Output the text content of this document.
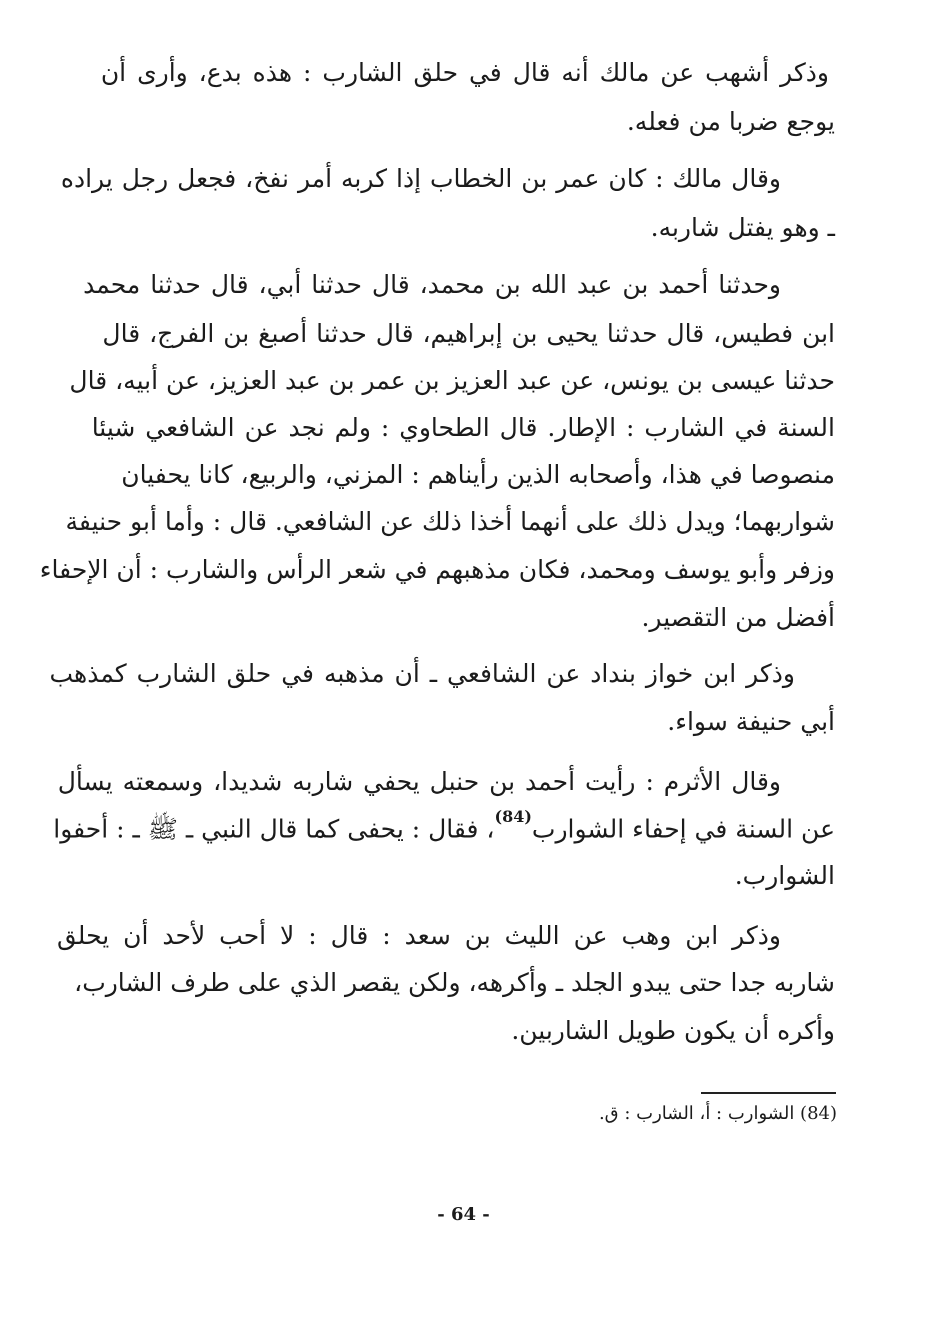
وذكر أشهب عن مالك أنه قال في حلق الشارب : هذه بدع، وأرى أن
يوجع ضربا من فعله.
وقال مالك : كان عمر بن الخطاب إذا كربه أمر نفخ، فجعل رجل يراده
ـ وهو يفتل شاربه.
وحدثنا أحمد بن عبد الله بن محمد، قال حدثنا أبي، قال حدثنا محمد
ابن فطيس، قال حدثنا يحيى بن إبراهيم، قال حدثنا أصبغ بن الفرج، قال
حدثنا عيسى بن يونس، عن عبد العزيز بن عمر بن عبد العزيز، عن أبيه، قال
السنة في الشارب : الإطار. قال الطحاوي : ولم نجد عن الشافعي شيئا
منصوصا في هذا، وأصحابه الذين رأيناهم : المزني، والربيع، كانا يحفيان
شواربهما؛ ويدل ذلك على أنهما أخذا ذلك عن الشافعي. قال : وأما أبو حنيفة
وزفر وأبو يوسف ومحمد، فكان مذهبهم في شعر الرأس والشارب : أن الإحفاء
أفضل من التقصير.
وذكر ابن خواز بنداد عن الشافعي ـ أن مذهبه في حلق الشارب كمذهب
أبي حنيفة سواء.
وقال الأثرم : رأيت أحمد بن حنبل يحفي شاربه شديدا، وسمعته يسأل
عن السنة في إحفاء الشوارب$^{(84)}$، فقال : يحفى كما قال النبي ـ ﷺ ـ : أحفوا
الشوارب.
وذكر ابن وهب عن الليث بن سعد : قال : لا أحب لأحد أن يحلق
شاربه جدا حتى يبدو الجلد ـ وأكرهه، ولكن يقصر الذي على طرف الشارب،
وأكره أن يكون طويل الشاربين.
(84) الشوارب : أ، الشارب : ق.
- 64 -
